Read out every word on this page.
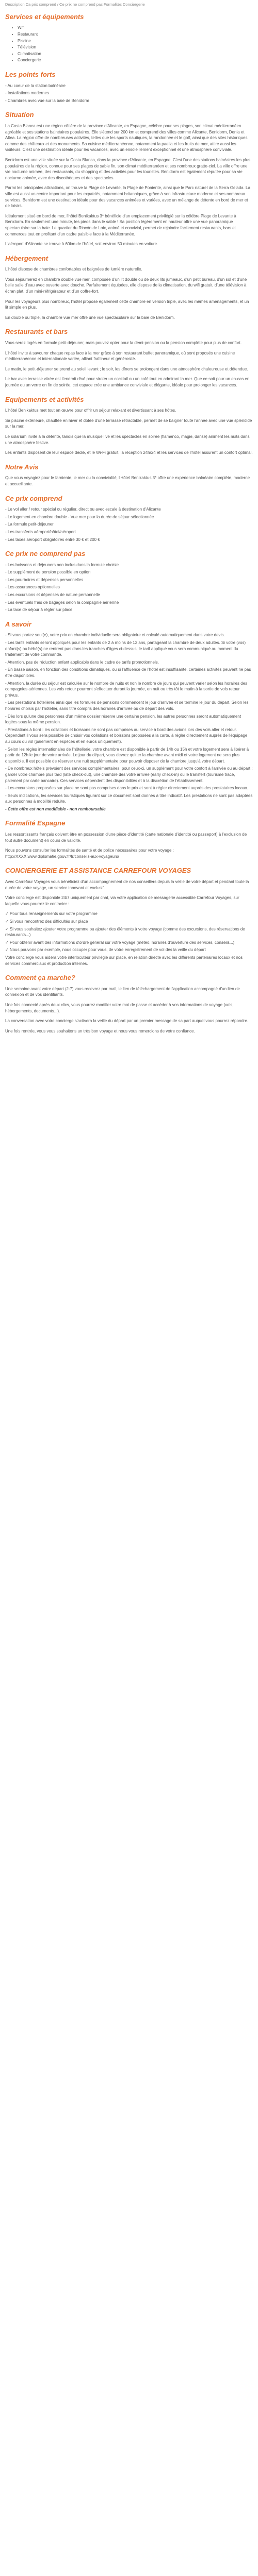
Description Ca prix comprend / Ce prix ne comprend pas Formalités Conciergerie
Services et équipements
• Wifi
• Restaurant
• Piscine
• Télévision
• Climatisation
• Conciergerie
Les points forts

- Au coeur de la station balnéaire

- Installations modernes

- Chambres avec vue sur la baie de Benidorm

Situation

La Costa Blanca est une région côtière de la province d'Alicante, en Espagne, célèbre pour ses plages, son climat méditerranéen agréable et ses stations balnéaires populaires. Elle s'étend sur 200 km et comprend des villes comme Alicante, Benidorm, Denia et Altea. La région offre de nombreuses activités, telles que les sports nautiques, la randonnée et le golf, ainsi que des sites historiques comme des châteaux et des monuments. Sa cuisine méditerranéenne, notamment la paella et les fruits de mer, attire aussi les visiteurs. C'est une destination idéale pour les vacances, avec un ensoleillement exceptionnel et une atmosphère conviviale.

Benidorm est une ville située sur la Costa Blanca, dans la province d'Alicante, en Espagne. C'est l'une des stations balnéaires les plus populaires de la région, connue pour ses plages de sable fin, son climat méditerranéen et ses nombreux gratte-ciel. La ville offre une vie nocturne animée, des restaurants, du shopping et des activités pour les touristes. Benidorm est également réputée pour sa vie nocturne animée, avec des discothèques et des spectacles.

Parmi les principales attractions, on trouve la Plage de Levante, la Plage de Poniente, ainsi que le Parc naturel de la Serra Gelada. La ville est aussi un centre important pour les expatriés, notamment britanniques, grâce à son infrastructure moderne et ses nombreux services. Benidorm est une destination idéale pour des vacances animées et variées, avec un mélange de détente en bord de mer et de loisirs.

Idéalement situé en bord de mer, l'hôtel Benikaktus 3* bénéficie d'un emplacement privilégié sur la célèbre Plage de Levante à Benidorm. En seulement une minute, les pieds dans le sable ! Sa position légèrement en hauteur offre une vue panoramique spectaculaire sur la baie. Le quartier du Rincón de Loix, animé et convivial, permet de rejoindre facilement restaurants, bars et commerces tout en profitant d'un cadre paisible face à la Méditerranée.

L'aéroport d'Alicante se trouve à 60km de l'hôtel, soit environ 50 minutes en voiture.

Hébergement

L'hôtel dispose de chambres confortables et baignées de lumière naturelle.

Vous séjournerez en chambre double vue mer, composée d'un lit double ou de deux lits jumeaux, d'un petit bureau, d'un sol et d'une belle salle d'eau avec ouverte avec douche. Parfaitement équipées, elle dispose de la climatisation, du wifi gratuit, d'une télévision à écran plat, d'un mini-réfrigérateur et d'un coffre-fort.

Pour les voyageurs plus nombreux, l'hôtel propose également cette chambre en version triple, avec les mêmes aménagements, et un lit simple en plus.

En double ou triple, la chambre vue mer offre une vue spectaculaire sur la baie de Benidorm.

Restaurants et bars

Vous serez logés en formule petit-déjeuner, mais pouvez opter pour la demi-pension ou la pension complète pour plus de confort.

L'hôtel invite à savourer chaque repas face à la mer grâce à son restaurant buffet panoramique, où sont proposés une cuisine méditerranéenne et internationale variée, alliant fraîcheur et générosité.

Le matin, le petit-déjeuner se prend au soleil levant ; le soir, les dîners se prolongent dans une atmosphère chaleureuse et détendue.

Le bar avec terrasse vitrée est l'endroit rêvé pour siroter un cocktail ou un café tout en admirant la mer. Que ce soit pour un en-cas en journée ou un verre en fin de soirée, cet espace crée une ambiance conviviale et élégante, idéale pour prolonger les vacances.

Equipements et activités

L'hôtel Benikaktus met tout en œuvre pour offrir un séjour relaxant et divertissant à ses hôtes.

Sa piscine extérieure, chauffée en hiver et dotée d'une terrasse rétractable, permet de se baigner toute l'année avec une vue splendide sur la mer.

Le solarium invite à la détente, tandis que la musique live et les spectacles en soirée (flamenco, magie, danse) animent les nuits dans une atmosphère festive.

Les enfants disposent de leur espace dédié, et le Wi-Fi gratuit, la réception 24h/24 et les services de l'hôtel assurent un confort optimal.

Notre Avis

Que vous voyagiez pour le farniente, le mer ou la convivialité, l'Hôtel Benikaktus 3* offre une expérience balnéaire complète, moderne et accueillante.

Ce prix comprend

- Le vol aller / retour spécial ou régulier, direct ou avec escale à destination d'Alicante

- Le logement en chambre double - Vue mer pour la durée de séjour sélectionnée

- La formule petit-déjeuner

- Les transferts aéroport/hôtel/aéroport

- Les taxes aéroport obligatoires entre 30 € et 200 €

Ce prix ne comprend pas

- Les boissons et déjeuners non inclus dans la formule choisie

- Le supplément de pension possible en option

- Les pourboires et dépenses personnelles

- Les assurances optionnelles

- Les excursions et dépenses de nature personnelle

- Les éventuels frais de bagages selon la compagnie aérienne

- La taxe de séjour à régler sur place

A savoir

- Si vous partez seul(e), votre prix en chambre individuelle sera obligatoire et calculé automatiquement dans votre devis.

- Les tarifs enfants seront appliqués pour les enfants de 2 à moins de 12 ans, partageant la chambre de deux adultes. Si votre (vos) enfant(s) ou bébé(s) ne rentrent pas dans les tranches d'âges ci-dessus, le tarif appliqué vous sera communiqué au moment du traitement de votre commande.

- Attention, pas de réduction enfant applicable dans le cadre de tarifs promotionnels.

- En basse saison, en fonction des conditions climatiques, ou si l'affluence de l'hôtel est insuffisante, certaines activités peuvent ne pas être disponibles.

- Attention, la durée du séjour est calculée sur le nombre de nuits et non le nombre de jours qui peuvent varier selon les horaires des compagnies aériennes. Les vols retour pourront s'effectuer durant la journée, en nuit ou très tôt le matin à la sortie de vols retour prévus.

- Les prestations hôtelières ainsi que les formules de pensions commencent le jour d'arrivée et se termine le jour du départ. Selon les horaires choisis par l'hôtelier, sans titre compris des horaires d'arrivée ou de départ des vols.

- Dès lors qu'une des personnes d'un même dossier réserve une certaine pension, les autres personnes seront automatiquement logées sous la même pension.

- Prestations à bord : les collations et boissons ne sont pas comprises au service à bord des avions lors des vols aller et retour. Cependant il vous sera possible de choisir vos collations et boissons proposées à la carte, à régler directement auprès de l'équipage au cours du vol (paiement en espèces et en euros uniquement).

- Selon les règles internationales de l'hôtellerie, votre chambre est disponible à partir de 14h ou 15h et votre logement sera à libérer à partir de 12h le jour de votre arrivée. Le jour du départ, vous devrez quitter la chambre avant midi et votre logement ne sera plus disponible. Il est possible de réserver une nuit supplémentaire pour pouvoir disposer de la chambre jusqu'à votre départ.

- De nombreux hôtels prévoient des services complémentaires, pour ceux-ci, un supplément pour votre confort à l'arrivée ou au départ : garder votre chambre plus tard (late check-out), une chambre dès votre arrivée (early check-in) ou le transfert (tourisme tracé, paiement par carte bancaire). Ces services dépendent des disponibilités et à la discrétion de l'établissement.

- Les excursions proposées sur place ne sont pas comprises dans le prix et sont à régler directement auprès des prestataires locaux.

- Seuls indications, les services touristiques figurant sur ce document sont donnés à titre indicatif. Les prestations ne sont pas adaptées aux personnes à mobilité réduite.

- Cette offre est non modifiable - non remboursable

Formalité Espagne

Les ressortissants français doivent être en possession d'une pièce d'identité (carte nationale d'identité ou passeport) à l'exclusion de tout autre document) en cours de validité.

Nous pouvons consulter les formalités de santé et de police nécessaires pour votre voyage : http://XXXX.www.diplomatie.gouv.fr/fr/conseils-aux-voyageurs/

CONCIERGERIE ET ASSISTANCE CARREFOUR VOYAGES

Avec Carrefour Voyages vous bénéficiez d'un accompagnement de nos conseillers depuis la veille de votre départ et pendant toute la durée de votre voyage, un service innovant et exclusif.

Votre concierge est disponible 24/7 uniquement par chat, via votre application de messagerie accessible Carrefour Voyages, sur laquelle vous pourrez le contacter :

✓ Pour tous renseignements sur votre programme

✓ Si vous rencontrez des difficultés sur place

✓ Si vous souhaitez ajouter votre programme ou ajouter des éléments à votre voyage (comme des excursions, des réservations de restaurants...)

✓ Pour obtenir avant des informations d'ordre général sur votre voyage (météo, horaires d'ouverture des services, conseils...)

✓ Nous pouvons par exemple, nous occuper pour vous, de votre enregistrement de vol dès la veille du départ

Votre concierge vous aidera votre interlocuteur privilégié sur place, en relation directe avec les différents partenaires locaux et nos services commerciaux et production internes.

Comment ça marche?

Une semaine avant votre départ (J-7) vous recevrez par mail, le lien de téléchargement de l'application accompagné d'un lien de connexion et de vos identifiants.

Une fois connecté après deux clics, vous pourrez modifier votre mot de passe et accéder à vos informations de voyage (vols, hébergements, documents...).

La conversation avec votre concierge s'activera la veille du départ par un premier message de sa part auquel vous pourrez répondre.

Une fois rentrée, vous vous souhaitons un très bon voyage et nous vous remercions de votre confiance.
